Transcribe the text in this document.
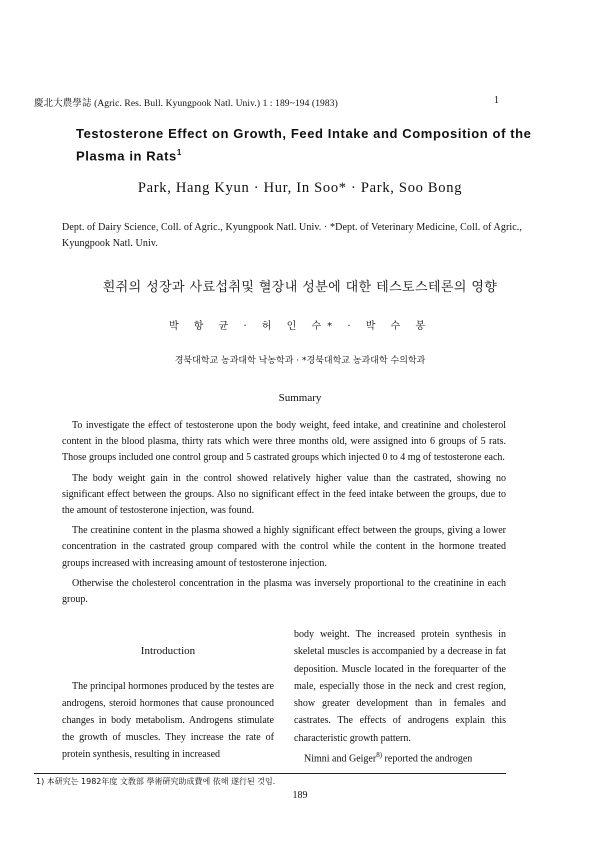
慶北大農學誌 (Agric. Res. Bull. Kyungpook Natl. Univ.) 1 : 189~194 (1983)	1
Testosterone Effect on Growth, Feed Intake and Composition of the Plasma in Rats$^1$
Park, Hang Kyun · Hur, In Soo* · Park, Soo Bong
Dept. of Dairy Science, Coll. of Agric., Kyungpook Natl. Univ. · *Dept. of Veterinary Medicine, Coll. of Agric., Kyungpook Natl. Univ.
흰쥐의 성장과 사료섭취및 혈장내 성분에 대한 테스토스테론의 영향
박 항 균 · 허 인 수* · 박 수 봉
경북대학교 농과대학 낙농학과 · *경북대학교 농과대학 수의학과
Summary

To investigate the effect of testosterone upon the body weight, feed intake, and creatinine and cholesterol content in the blood plasma, thirty rats which were three months old, were assigned into 6 groups of 5 rats. Those groups included one control group and 5 castrated groups which injected 0 to 4 mg of testosterone each.

The body weight gain in the control showed relatively higher value than the castrated, showing no significant effect between the groups. Also no significant effect in the feed intake between the groups, due to the amount of testosterone injection, was found.

The creatinine content in the plasma showed a highly significant effect between the groups, giving a lower concentration in the castrated group compared with the control while the content in the hormone treated groups increased with increasing amount of testosterone injection.

Otherwise the cholesterol concentration in the plasma was inversely proportional to the creatinine in each group.

Introduction

The principal hormones produced by the testes are androgens, steroid hormones that cause pronounced changes in body metabolism. Androgens stimulate the growth of muscles. They increase the rate of protein synthesis, resulting in increased

body weight. The increased protein synthesis in skeletal muscles is accompanied by a decrease in fat deposition. Muscle located in the forequarter of the male, especially those in the neck and crest region, show greater development than in females and castrates. The effects of androgens explain this characteristic growth pattern.

Nimni and Geiger$^{8)}$ reported the androgen

1) 本研究는 1982年度 文敎部 學術硏究助成費에 依해 遂行된 것임.
189
